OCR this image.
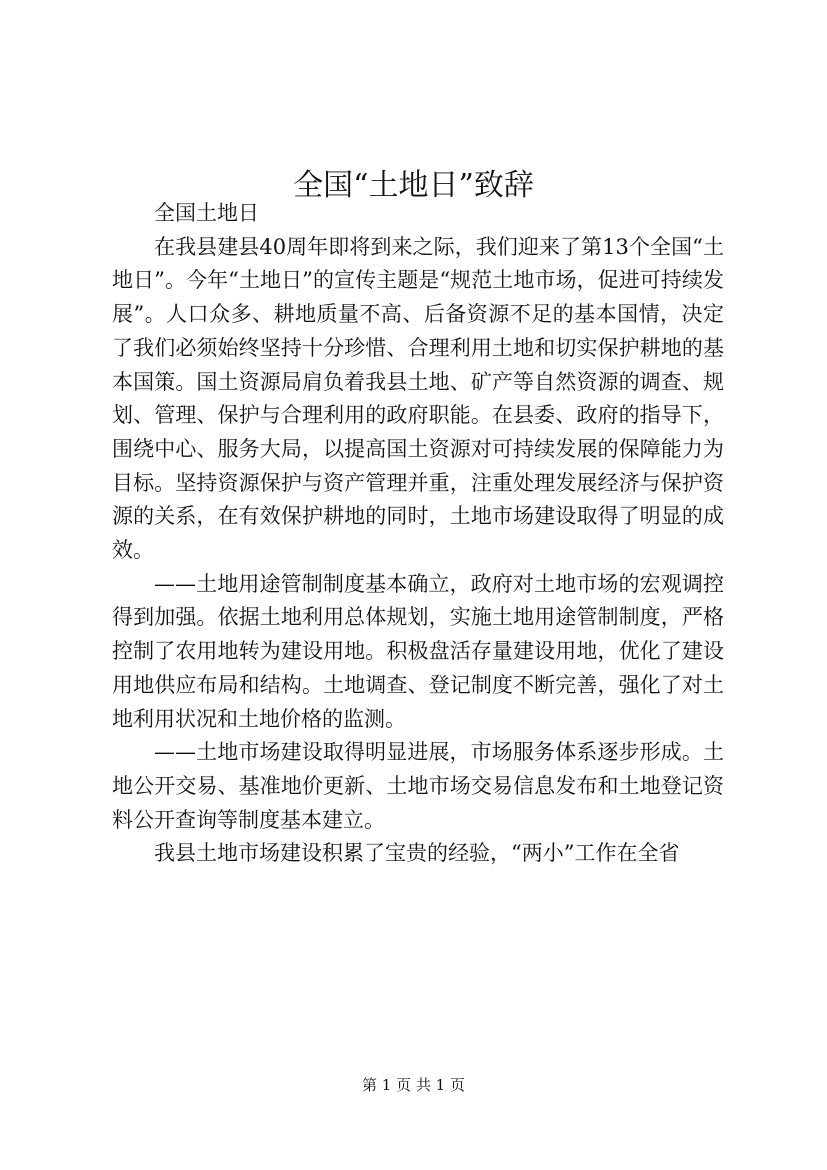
全国“土地日”致辞

全国土地日

在我县建县40周年即将到来之际，我们迎来了第13个全国“土地日”。今年“土地日”的宣传主题是“规范土地市场，促进可持续发展”。人口众多、耕地质量不高、后备资源不足的基本国情，决定了我们必须始终坚持十分珍惜、合理利用土地和切实保护耕地的基本国策。国土资源局肩负着我县土地、矿产等自然资源的调查、规划、管理、保护与合理利用的政府职能。在县委、政府的指导下，围绕中心、服务大局，以提高国土资源对可持续发展的保障能力为目标。坚持资源保护与资产管理并重，注重处理发展经济与保护资源的关系，在有效保护耕地的同时，土地市场建设取得了明显的成效。

——土地用途管制制度基本确立，政府对土地市场的宏观调控得到加强。依据土地利用总体规划，实施土地用途管制制度，严格控制了农用地转为建设用地。积极盘活存量建设用地，优化了建设用地供应布局和结构。土地调查、登记制度不断完善，强化了对土地利用状况和土地价格的监测。

——土地市场建设取得明显进展，市场服务体系逐步形成。土地公开交易、基准地价更新、土地市场交易信息发布和土地登记资料公开查询等制度基本建立。

我县土地市场建设积累了宝贵的经验，“两小”工作在全省

第 1 页 共 1 页
